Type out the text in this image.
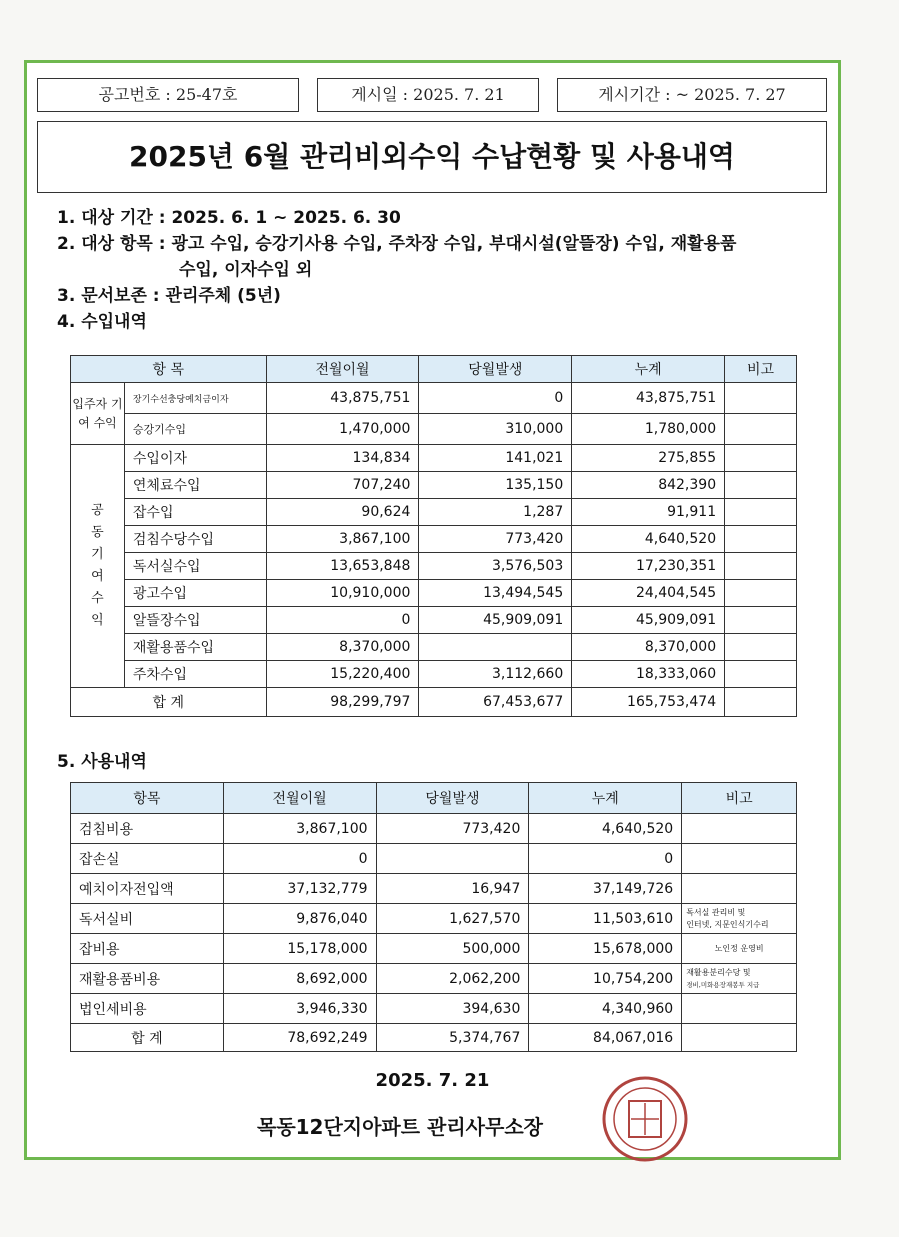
공고번호 : 25-47호	게시일 : 2025. 7. 21	게시기간 : ~ 2025. 7. 27
2025년 6월 관리비외수익 수납현황 및 사용내역
1. 대상 기간 : 2025. 6. 1 ~ 2025. 6. 30
2. 대상 항목 : 광고 수입, 승강기사용 수입, 주차장 수입, 부대시설(알뜰장) 수입, 재활용품
수입, 이자수입 외
3. 문서보존 : 관리주체 (5년)
4. 수입내역
항 목		전월이월	당월발생	누계	비고
입주자 기여 수익	장기수선충당예치금이자	43,875,751	0	43,875,751	
	승강기수입	1,470,000	310,000	1,780,000	

공 동 기 여 수 익	수입이자	134,834	141,021	275,855	
	연체료수입	707,240	135,150	842,390	
	잡수입	90,624	1,287	91,911	
	검침수당수입	3,867,100	773,420	4,640,520	
	독서실수입	13,653,848	3,576,503	17,230,351	
	광고수입	10,910,000	13,494,545	24,404,545	
	알뜰장수입	0	45,909,091	45,909,091	
	재활용품수입	8,370,000		8,370,000	
	주차수입	15,220,400	3,112,660	18,333,060	
합 계		98,299,797	67,453,677	165,753,474	
5. 사용내역
항목	전월이월	당월발생	누계	비고
검침비용	3,867,100	773,420	4,640,520	

잡손실	0		0	

예치이자전입액	37,132,779	16,947	37,149,726	

독서실비	9,876,040	1,627,570	11,503,610	독서실 관리비 및
인터넷, 지문인식기수리

잡비용	15,178,000	500,000	15,678,000	노인정 운영비

재활용품비용	8,692,000	2,062,200	10,754,200	재활용분리수당 및
경비,미화용장재봉투 지급

법인세비용	3,946,330	394,630	4,340,960	

합 계	78,692,249	5,374,767	84,067,016	
2025. 7. 21
목동12단지아파트 관리사무소장
